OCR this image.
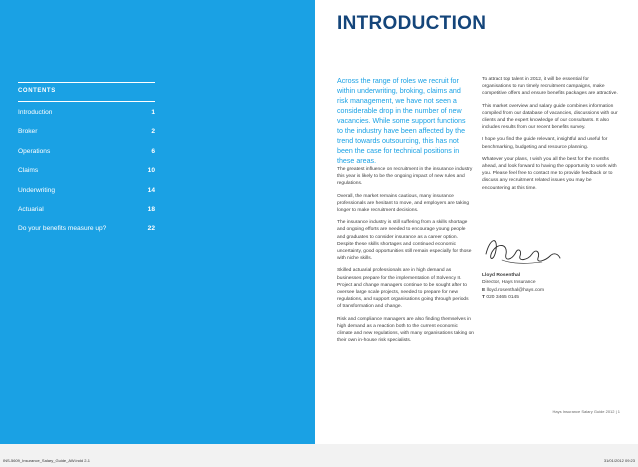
CONTENTS
Introduction	1
Broker	2
Operations	6
Claims	10
Underwriting	14
Actuarial	18
Do your benefits measure up?	22
INTRODUCTION
Across the range of roles we recruit for within underwriting, broking, claims and risk management, we have not seen a considerable drop in the number of new vacancies. While some support functions to the industry have been affected by the trend towards outsourcing, this has not been the case for technical positions in these areas.

The greatest influence on recruitment in the insurance industry this year is likely to be the ongoing impact of new rules and regulations.

Overall, the market remains cautious, many insurance professionals are hesitant to move, and employers are taking longer to make recruitment decisions.

The insurance industry is still suffering from a skills shortage and ongoing efforts are needed to encourage young people and graduates to consider insurance as a career option. Despite these skills shortages and continued economic uncertainty, good opportunities still remain especially for those with niche skills.

Skilled actuarial professionals are in high demand as businesses prepare for the implementation of Solvency II. Project and change managers continue to be sought after to oversee large scale projects, needed to prepare for new regulations, and support organisations going through periods of transformation and change.

Risk and compliance managers are also finding themselves in high demand as a reaction both to the current economic climate and new regulations, with many organisations taking on their own in-house risk specialists.

To attract top talent in 2012, it will be essential for organisations to run timely recruitment campaigns, make competitive offers and ensure benefits packages are attractive.

This market overview and salary guide combines information compiled from our database of vacancies, discussions with our clients and the expert knowledge of our consultants. It also includes results from our recent benefits survey.

I hope you find the guide relevant, insightful and useful for benchmarking, budgeting and resource planning.

Whatever your plans, I wish you all the best for the months ahead, and look forward to having the opportunity to work with you. Please feel free to contact me to provide feedback or to discuss any recruitment related issues you may be encountering at this time.

Lloyd Rosenthal
Director, Hays Insurance
E lloyd.rosenthal@hays.com
T 020 3465 0145
Hays Insurance Salary Guide 2012 | 1
INS-5609_Insurance_Salary_Guide_AW.indd 2-1	31/01/2012 09:23
